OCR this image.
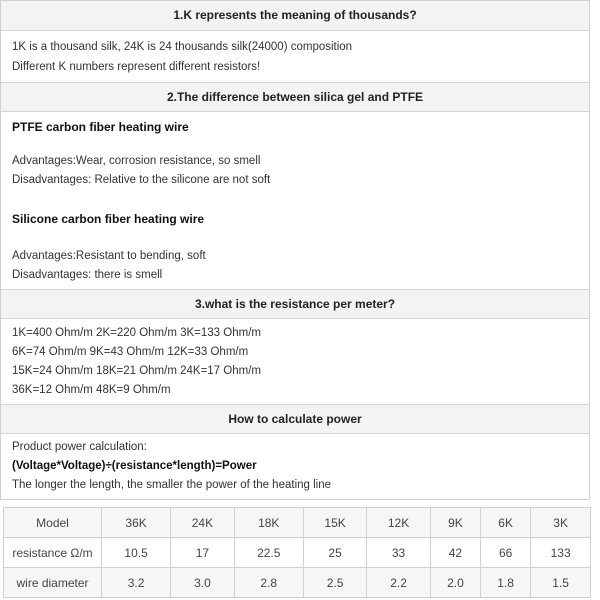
1.K represents the meaning of thousands?
1K is a thousand silk, 24K is 24 thousands silk(24000) composition
Different K numbers represent different resistors!
2.The difference between silica gel and PTFE
PTFE carbon fiber heating wire
Advantages:Wear, corrosion resistance, so smell
Disadvantages: Relative to the silicone are not soft
Silicone carbon fiber heating wire
Advantages:Resistant to bending, soft
Disadvantages: there is smell
3.what is the resistance per meter?
1K=400 Ohm/m 2K=220 Ohm/m 3K=133 Ohm/m
6K=74 Ohm/m 9K=43 Ohm/m 12K=33 Ohm/m
15K=24 Ohm/m 18K=21 Ohm/m 24K=17 Ohm/m
36K=12 Ohm/m 48K=9 Ohm/m
How to calculate power
Product power calculation:
(Voltage*Voltage)÷(resistance*length)=Power
The longer the length, the smaller the power of the heating line
Model	36K	24K	18K	15K	12K	9K	6K	3K
resistance Ω/m	10.5	17	22.5	25	33	42	66	133
wire diameter	3.2	3.0	2.8	2.5	2.2	2.0	1.8	1.5
